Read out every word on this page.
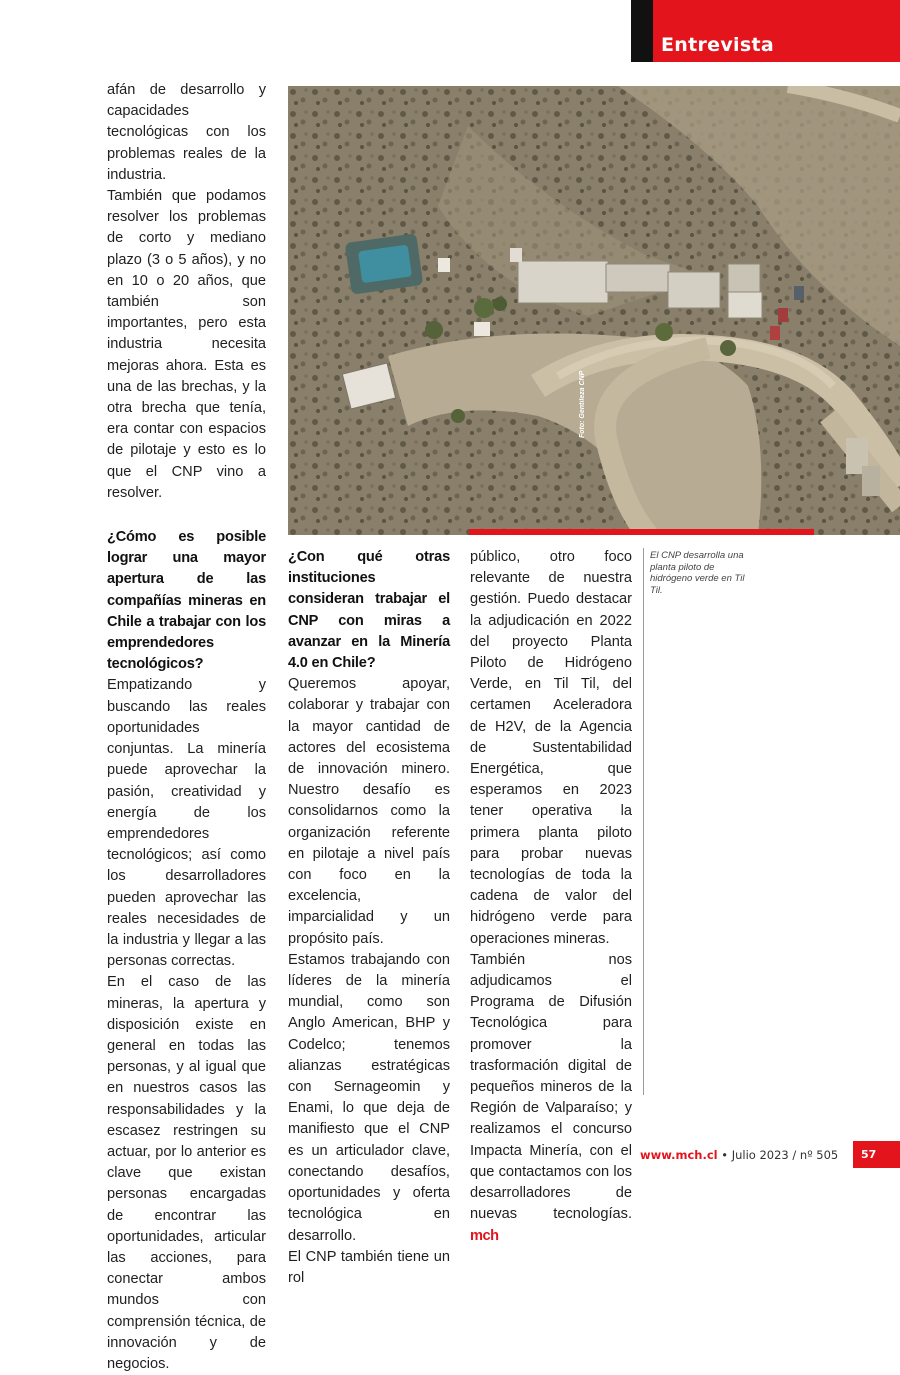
Entrevista
Foto: Gentileza CNP

afán de desarrollo y capacidades tecnológicas con los problemas reales de la industria.

También que podamos resolver los problemas de corto y mediano plazo (3 o 5 años), y no en 10 o 20 años, que también son importantes, pero esta industria necesita mejoras ahora. Esta es una de las brechas, y la otra brecha que tenía, era contar con espacios de pilotaje y esto es lo que el CNP vino a resolver.

¿Cómo es posible lograr una mayor apertura de las compañías mineras en Chile a trabajar con los emprendedores tecnológicos?

Empatizando y buscando las reales oportunidades conjuntas. La minería puede aprovechar la pasión, creatividad y energía de los emprendedores tecnológicos; así como los desarrolladores pueden aprovechar las reales necesidades de la industria y llegar a las personas correctas.

En el caso de las mineras, la apertura y disposición existe en general en todas las personas, y al igual que en nuestros casos las responsabilidades y la escasez restringen su actuar, por lo anterior es clave que existan personas encargadas de encontrar las oportunidades, articular las acciones, para conectar ambos mundos con comprensión técnica, de innovación y de negocios.

¿Con qué otras instituciones consideran trabajar el CNP con miras a avanzar en la Minería 4.0 en Chile?

Queremos apoyar, colaborar y trabajar con la mayor cantidad de actores del ecosistema de innovación minero. Nuestro desafío es consolidarnos como la organización referente en pilotaje a nivel país con foco en la excelencia, imparcialidad y un propósito país.

Estamos trabajando con líderes de la minería mundial, como son Anglo American, BHP y Codelco; tenemos alianzas estratégicas con Sernageomin y Enami, lo que deja de manifiesto que el CNP es un articulador clave, conectando desafíos, oportunidades y oferta tecnológica en desarrollo.

El CNP también tiene un rol

público, otro foco relevante de nuestra gestión. Puedo destacar la adjudicación en 2022 del proyecto Planta Piloto de Hidrógeno Verde, en Til Til, del certamen Aceleradora de H2V, de la Agencia de Sustentabilidad Energética, que esperamos en 2023 tener operativa la primera planta piloto para probar nuevas tecnologías de toda la cadena de valor del hidrógeno verde para operaciones mineras.

También nos adjudicamos el Programa de Difusión Tecnológica para promover la trasformación digital de pequeños mineros de la Región de Valparaíso; y realizamos el concurso Impacta Minería, con el que contactamos con los desarrolladores de nuevas tecnologías. mch

El CNP desarrolla una planta piloto de hidrógeno verde en Til Til.
www.mch.cl • Julio 2023 / nº 505 57
